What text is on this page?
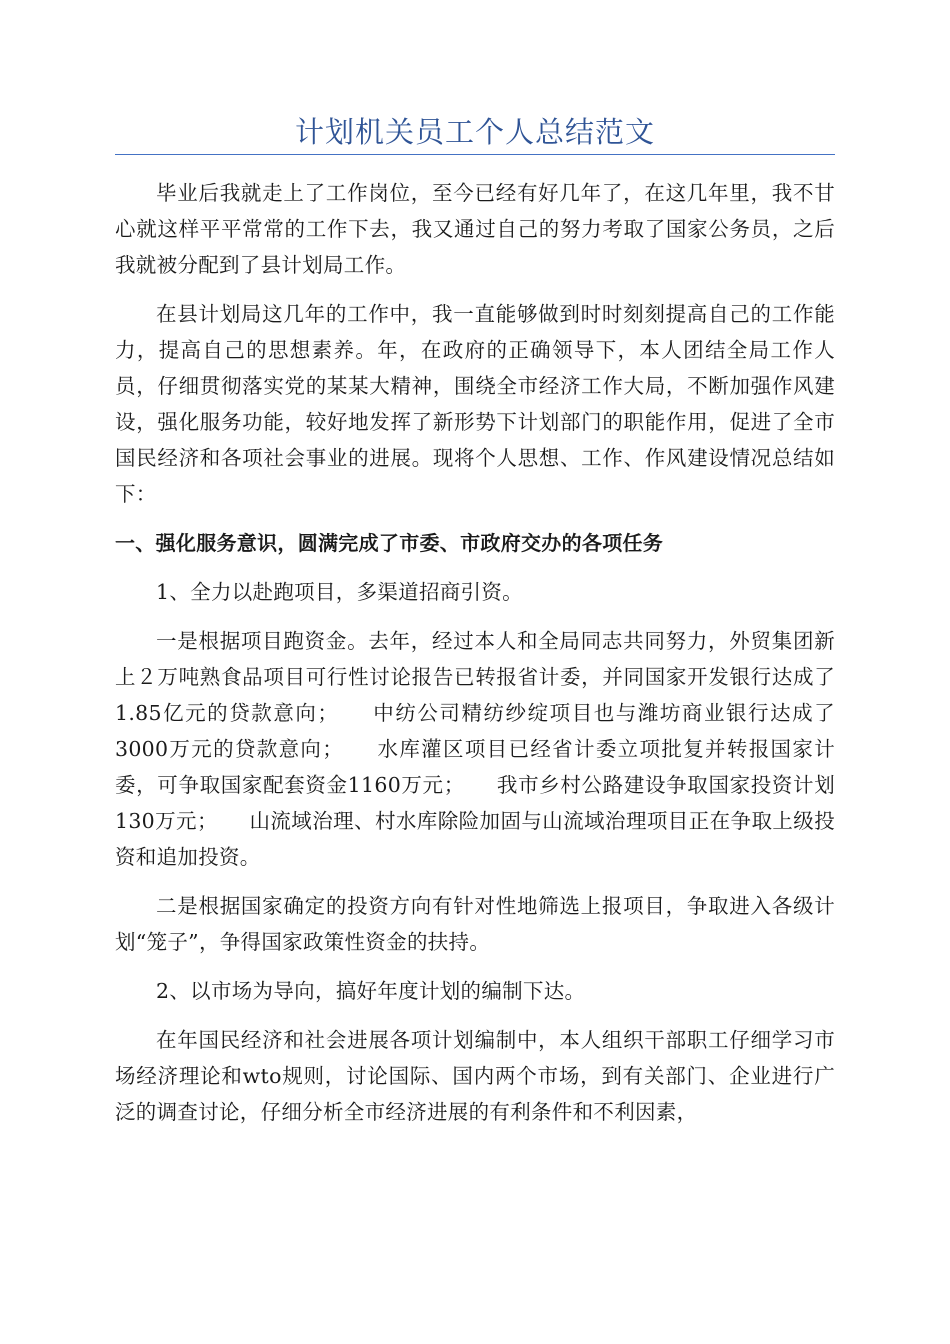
计划机关员工个人总结范文

毕业后我就走上了工作岗位，至今已经有好几年了，在这几年里，我不甘心就这样平平常常的工作下去，我又通过自己的努力考取了国家公务员，之后我就被分配到了县计划局工作。

在县计划局这几年的工作中，我一直能够做到时时刻刻提高自己的工作能力，提高自己的思想素养。年，在政府的正确领导下，本人团结全局工作人员，仔细贯彻落实党的某某大精神，围绕全市经济工作大局，不断加强作风建设，强化服务功能，较好地发挥了新形势下计划部门的职能作用，促进了全市国民经济和各项社会事业的进展。现将个人思想、工作、作风建设情况总结如下：

一、强化服务意识，圆满完成了市委、市政府交办的各项任务

1、全力以赴跑项目，多渠道招商引资。

一是根据项目跑资金。去年，经过本人和全局同志共同努力，外贸集团新上２万吨熟食品项目可行性讨论报告已转报省计委，并同国家开发银行达成了1.85亿元的贷款意向；　　中纺公司精纺纱绽项目也与潍坊商业银行达成了3000万元的贷款意向；　　水库灌区项目已经省计委立项批复并转报国家计委，可争取国家配套资金1160万元；　　我市乡村公路建设争取国家投资计划130万元；　　山流域治理、村水库除险加固与山流域治理项目正在争取上级投资和追加投资。

二是根据国家确定的投资方向有针对性地筛选上报项目，争取进入各级计划“笼子”，争得国家政策性资金的扶持。

2、以市场为导向，搞好年度计划的编制下达。

在年国民经济和社会进展各项计划编制中，本人组织干部职工仔细学习市场经济理论和wto规则，讨论国际、国内两个市场，到有关部门、企业进行广泛的调查讨论，仔细分析全市经济进展的有利条件和不利因素，
